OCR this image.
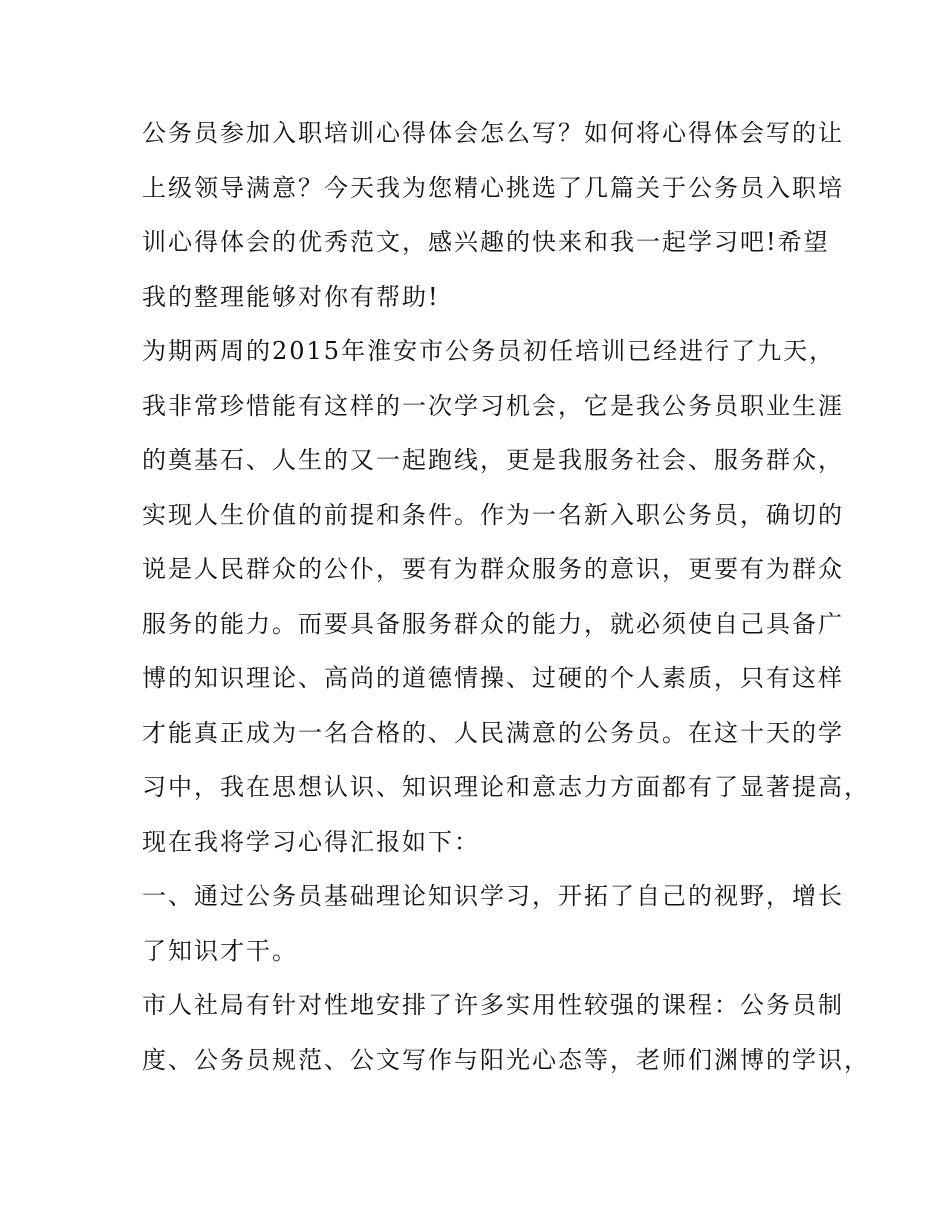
公务员参加入职培训心得体会怎么写？如何将心得体会写的让
上级领导满意？今天我为您精心挑选了几篇关于公务员入职培
训心得体会的优秀范文，感兴趣的快来和我一起学习吧!希望
我的整理能够对你有帮助!
为期两周的2015年淮安市公务员初任培训已经进行了九天，
我非常珍惜能有这样的一次学习机会，它是我公务员职业生涯
的奠基石、人生的又一起跑线，更是我服务社会、服务群众，
实现人生价值的前提和条件。作为一名新入职公务员，确切的
说是人民群众的公仆，要有为群众服务的意识，更要有为群众
服务的能力。而要具备服务群众的能力，就必须使自己具备广
博的知识理论、高尚的道德情操、过硬的个人素质，只有这样
才能真正成为一名合格的、人民满意的公务员。在这十天的学
习中，我在思想认识、知识理论和意志力方面都有了显著提高，
现在我将学习心得汇报如下：
一、通过公务员基础理论知识学习，开拓了自己的视野，增长
了知识才干。
市人社局有针对性地安排了许多实用性较强的课程：公务员制
度、公务员规范、公文写作与阳光心态等，老师们渊博的学识，
